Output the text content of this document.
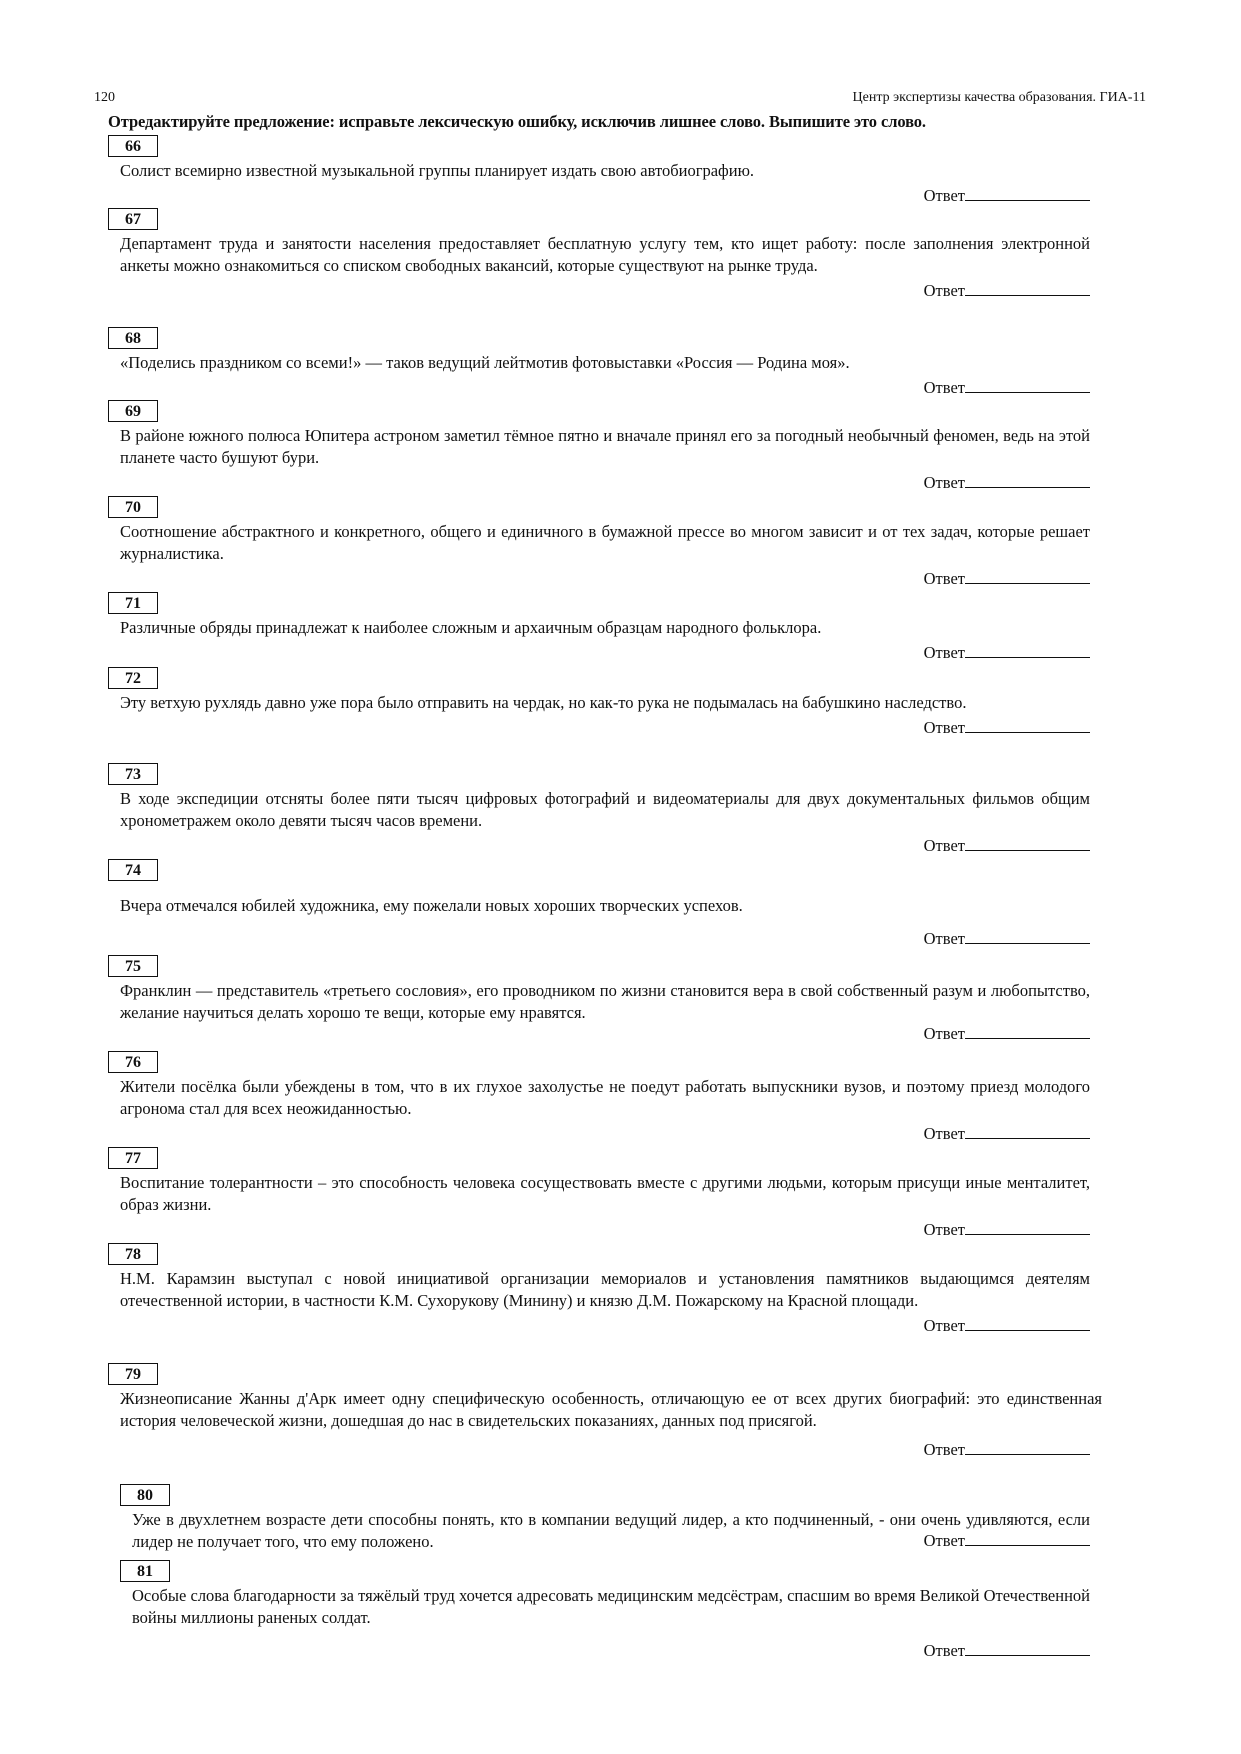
120	Центр экспертизы качества образования. ГИА-11
Отредактируйте предложение: исправьте лексическую ошибку, исключив лишнее слово. Выпишите это слово.
66
Солист всемирно известной музыкальной группы планирует издать свою автобиографию.
Ответ
67
Департамент труда и занятости населения предоставляет бесплатную услугу тем, кто ищет работу: после заполнения электронной анкеты можно ознакомиться со списком свободных вакансий, которые существуют на рынке труда.
Ответ
68
«Поделись праздником со всеми!» — таков ведущий лейтмотив фотовыставки «Россия — Родина моя».
Ответ
69
В районе южного полюса Юпитера астроном заметил тёмное пятно и вначале принял его за погодный необычный феномен, ведь на этой планете часто бушуют бури.
Ответ
70
Соотношение абстрактного и конкретного, общего и единичного в бумажной прессе во многом зависит и от тех задач, которые решает журналистика.
Ответ
71
Различные обряды принадлежат к наиболее сложным и архаичным образцам народного фольклора.
Ответ
72
Эту ветхую рухлядь давно уже пора было отправить на чердак, но как-то рука не подымалась на бабушкино наследство.
Ответ
73
В ходе экспедиции отсняты более пяти тысяч цифровых фотографий и видеоматериалы для двух документальных фильмов общим хронометражем около девяти тысяч часов времени.
Ответ
74
Вчера отмечался юбилей художника, ему пожелали новых хороших творческих успехов.
Ответ
75
Франклин — представитель «третьего сословия», его проводником по жизни становится вера в свой собственный разум и любопытство, желание научиться делать хорошо те вещи, которые ему нравятся.
Ответ
76
Жители посёлка были убеждены в том, что в их глухое захолустье не поедут работать выпускники вузов, и поэтому приезд молодого агронома стал для всех неожиданностью.
Ответ
77
Воспитание толерантности – это способность человека сосуществовать вместе с другими людьми, которым присущи иные менталитет, образ жизни.
Ответ
78
Н.М. Карамзин выступал с новой инициативой организации мемориалов и установления памятников выдающимся деятелям отечественной истории, в частности К.М. Сухорукову (Минину) и князю Д.М. Пожарскому на Красной площади.
Ответ
79
Жизнеописание Жанны д'Арк имеет одну специфическую особенность, отличающую ее от всех других биографий: это единственная история человеческой жизни, дошедшая до нас в свидетельских показаниях, данных под присягой.
Ответ
80
Уже в двухлетнем возрасте дети способны понять, кто в компании ведущий лидер, а кто подчиненный, - они очень удивляются, если лидер не получает того, что ему положено.	Ответ
81
Особые слова благодарности за тяжёлый труд хочется адресовать медицинским медсёстрам, спасшим во время Великой Отечественной войны миллионы раненых солдат.
Ответ
